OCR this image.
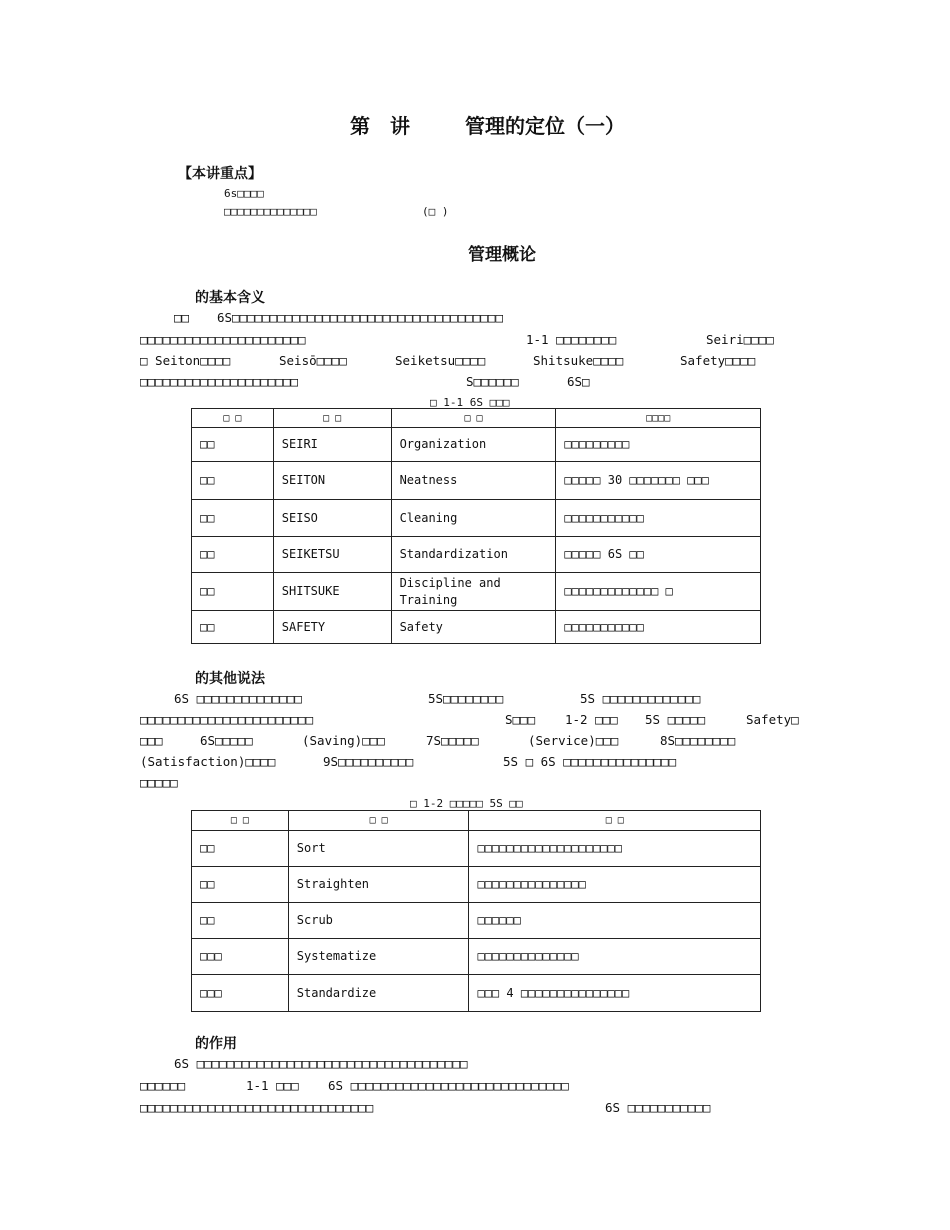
第　讲	管理的定位（一）
【本讲重点】
6s□□□□
□□□□□□□□□□□□□□	(□ )
管理概论
的基本含义
□□ 6S□□□□□□□□□□□□□□□□□□□□□□□□□□□□□□□□□□□□
□□□□□□□□□□□□□□□□□□□□□□	1-1 □□□□□□□□	Seiri□□□□
□ Seiton□□□□	Seisō□□□□	Seiketsu□□□□	Shitsuke□□□□	Safety□□□□
□□□□□□□□□□□□□□□□□□□□□	S□□□□□□	6S□
□ 1-1 6S □□□
□ □	□ □	□ □	□□□□
□□	SEIRI	Organization	□□□□□□□□□
□□	SEITON	Neatness	□□□□□ 30 □□□□□□□ □□□
□□	SEISO	Cleaning	□□□□□□□□□□□
□□	SEIKETSU	Standardization	□□□□□ 6S □□
□□	SHITSUKE	Discipline and Training	□□□□□□□□□□□□□ □
□□	SAFETY	Safety	□□□□□□□□□□□
的其他说法
6S □□□□□□□□□□□□□□	5S□□□□□□□□	5S □□□□□□□□□□□□□
□□□□□□□□□□□□□□□□□□□□□□□	S□□□ 1-2 □□□ 5S □□□□□	Safety□
□□□	6S□□□□□	(Saving)□□□	7S□□□□□	(Service)□□□	8S□□□□□□□□
(Satisfaction)□□□□	9S□□□□□□□□□□	5S □ 6S □□□□□□□□□□□□□□□
□□□□□
□ 1-2 □□□□□ 5S □□
□ □	□ □	□ □
□□	Sort	□□□□□□□□□□□□□□□□□□□□
□□	Straighten	□□□□□□□□□□□□□□□
□□	Scrub	□□□□□□
□□□	Systematize	□□□□□□□□□□□□□□
□□□	Standardize	□□□ 4 □□□□□□□□□□□□□□□
的作用
6S □□□□□□□□□□□□□□□□□□□□□□□□□□□□□□□□□□□□
□□□□□□	1-1 □□□ 6S □□□□□□□□□□□□□□□□□□□□□□□□□□□□□
□□□□□□□□□□□□□□□□□□□□□□□□□□□□□□□	6S □□□□□□□□□□□
